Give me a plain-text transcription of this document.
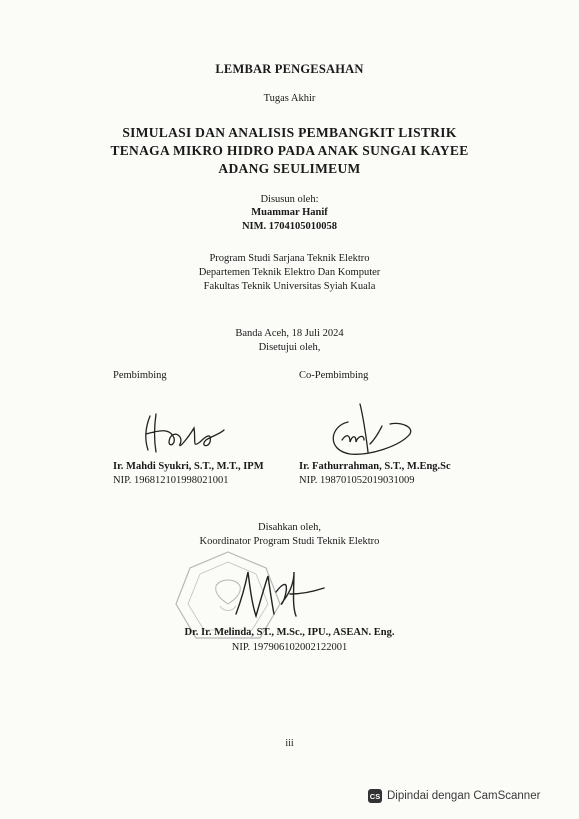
LEMBAR PENGESAHAN
Tugas Akhir
SIMULASI DAN ANALISIS PEMBANGKIT LISTRIK
TENAGA MIKRO HIDRO PADA ANAK SUNGAI KAYEE
ADANG SEULIMEUM
Disusun oleh:
Muammar Hanif
NIM. 1704105010058
Program Studi Sarjana Teknik Elektro
Departemen Teknik Elektro Dan Komputer
Fakultas Teknik Universitas Syiah Kuala
Banda Aceh, 18 Juli 2024
Disetujui oleh,
Pembimbing
Ir. Mahdi Syukri, S.T., M.T., IPM
NIP. 196812101998021001
Co-Pembimbing
Ir. Fathurrahman, S.T., M.Eng.Sc
NIP. 198701052019031009
Disahkan oleh,
Koordinator Program Studi Teknik Elektro
Dr. Ir. Melinda, ST., M.Sc., IPU., ASEAN. Eng.
NIP. 197906102002122001
iii
CS Dipindai dengan CamScanner
